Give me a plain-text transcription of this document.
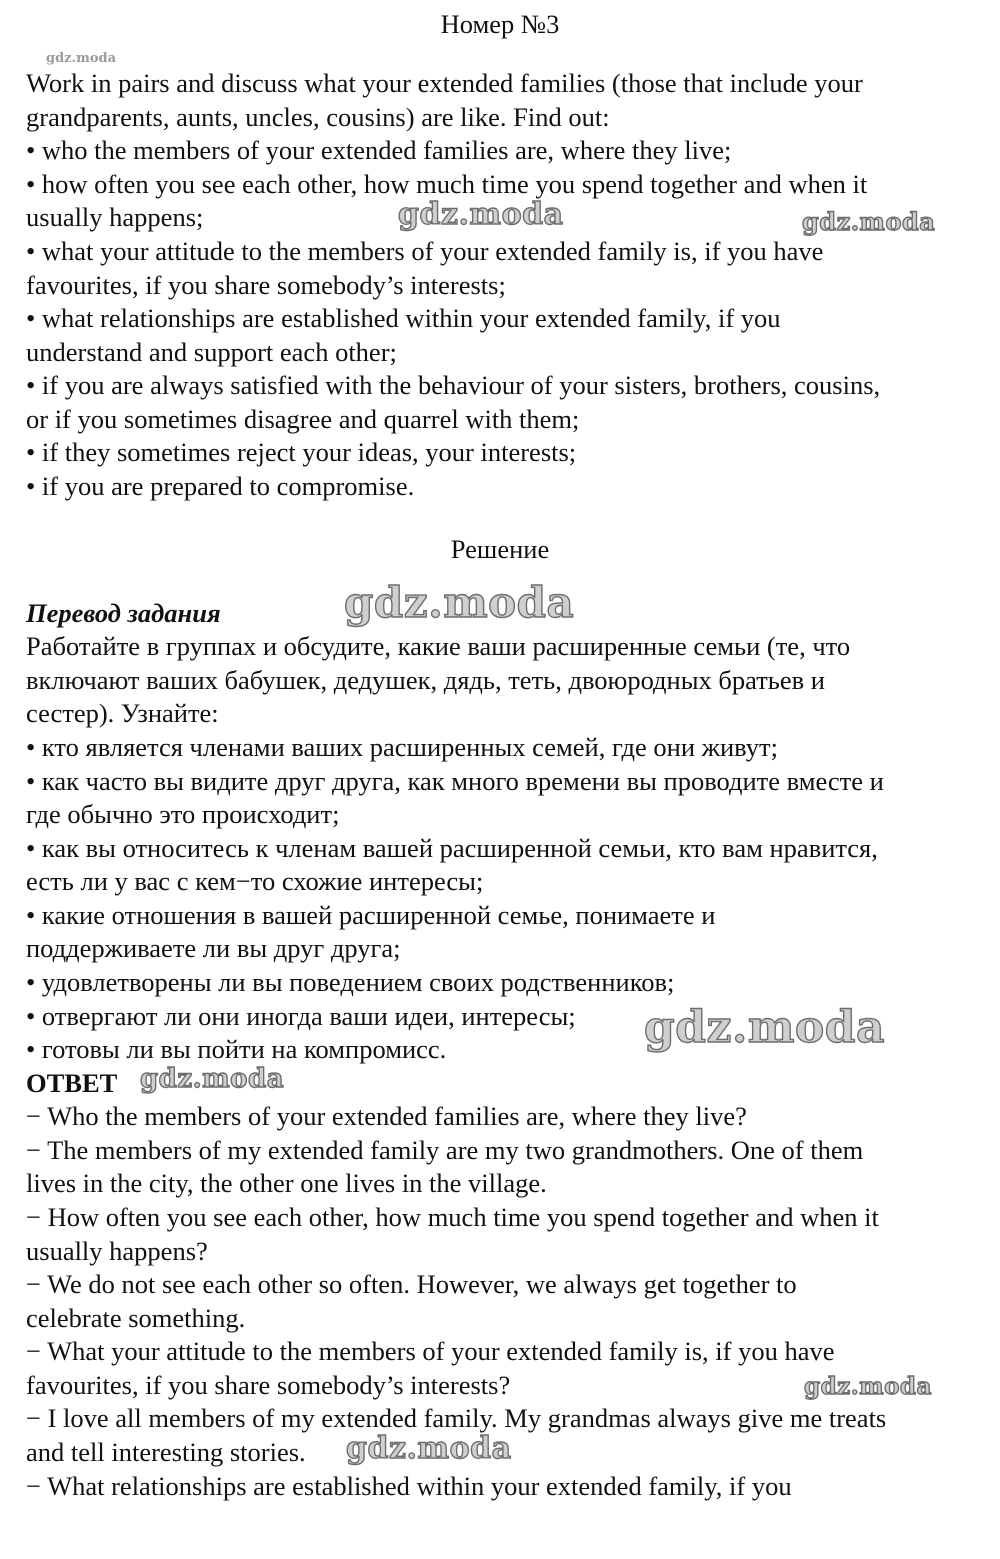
Номер №3
Work in pairs and discuss what your extended families (those that include your
grandparents, aunts, uncles, cousins) are like. Find out:
• who the members of your extended families are, where they live;
• how often you see each other, how much time you spend together and when it
usually happens;
• what your attitude to the members of your extended family is, if you have
favourites, if you share somebody’s interests;
• what relationships are established within your extended family, if you
understand and support each other;
• if you are always satisfied with the behaviour of your sisters, brothers, cousins,
or if you sometimes disagree and quarrel with them;
• if they sometimes reject your ideas, your interests;
• if you are prepared to compromise.
Решение
Перевод задания
Работайте в группах и обсудите, какие ваши расширенные семьи (те, что
включают ваших бабушек, дедушек, дядь, теть, двоюродных братьев и
сестер). Узнайте:
• кто является членами ваших расширенных семей, где они живут;
• как часто вы видите друг друга, как много времени вы проводите вместе и
где обычно это происходит;
• как вы относитесь к членам вашей расширенной семьи, кто вам нравится,
есть ли у вас с кем−то схожие интересы;
• какие отношения в вашей расширенной семье, понимаете и
поддерживаете ли вы друг друга;
• удовлетворены ли вы поведением своих родственников;
• отвергают ли они иногда ваши идеи, интересы;
• готовы ли вы пойти на компромисс.
ОТВЕТ
− Who the members of your extended families are, where they live?
− The members of my extended family are my two grandmothers. One of them
lives in the city, the other one lives in the village.
− How often you see each other, how much time you spend together and when it
usually happens?
− We do not see each other so often. However, we always get together to
celebrate something.
− What your attitude to the members of your extended family is, if you have
favourites, if you share somebody’s interests?
− I love all members of my extended family. My grandmas always give me treats
and tell interesting stories.
− What relationships are established within your extended family, if you
gdz.moda
gdz.moda	gdz.moda
gdz.moda
gdz.moda
gdz.moda
gdz.moda
gdz.moda
